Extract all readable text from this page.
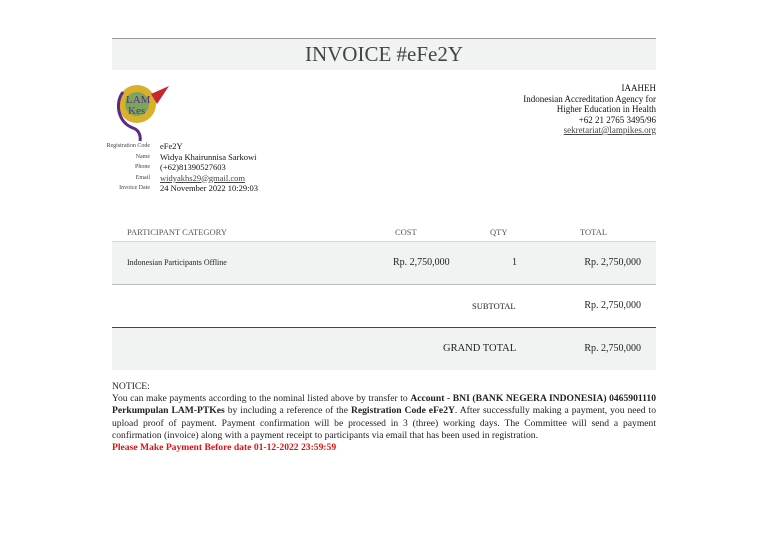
INVOICE #eFe2Y
LAM
Kes
IAAHEH
Indonesian Accreditation Agency for
Higher Education in Health
+62 21 2765 3495/96
sekretariat@lampikes.org
Registration Code	eFe2Y
Name	Widya Khairunnisa Sarkowi
Phone	(+62)81390527603
Email	widyakhs29@gmail.com
Invoice Date	24 November 2022 10:29:03
PARTICIPANT CATEGORY	COST	QTY	TOTAL
Indonesian Participants Offline	Rp. 2,750,000	1	Rp. 2,750,000
SUBTOTAL	Rp. 2,750,000
GRAND TOTAL	Rp. 2,750,000
NOTICE:
You can make payments according to the nominal listed above by transfer to Account - BNI (BANK NEGERA INDONESIA) 0465901110 Perkumpulan LAM-PTKes by including a reference of the Registration Code eFe2Y. After successfully making a payment, you need to upload proof of payment. Payment confirmation will be processed in 3 (three) working days. The Committee will send a payment confirmation (invoice) along with a payment receipt to participants via email that has been used in registration.
Please Make Payment Before date 01-12-2022 23:59:59
